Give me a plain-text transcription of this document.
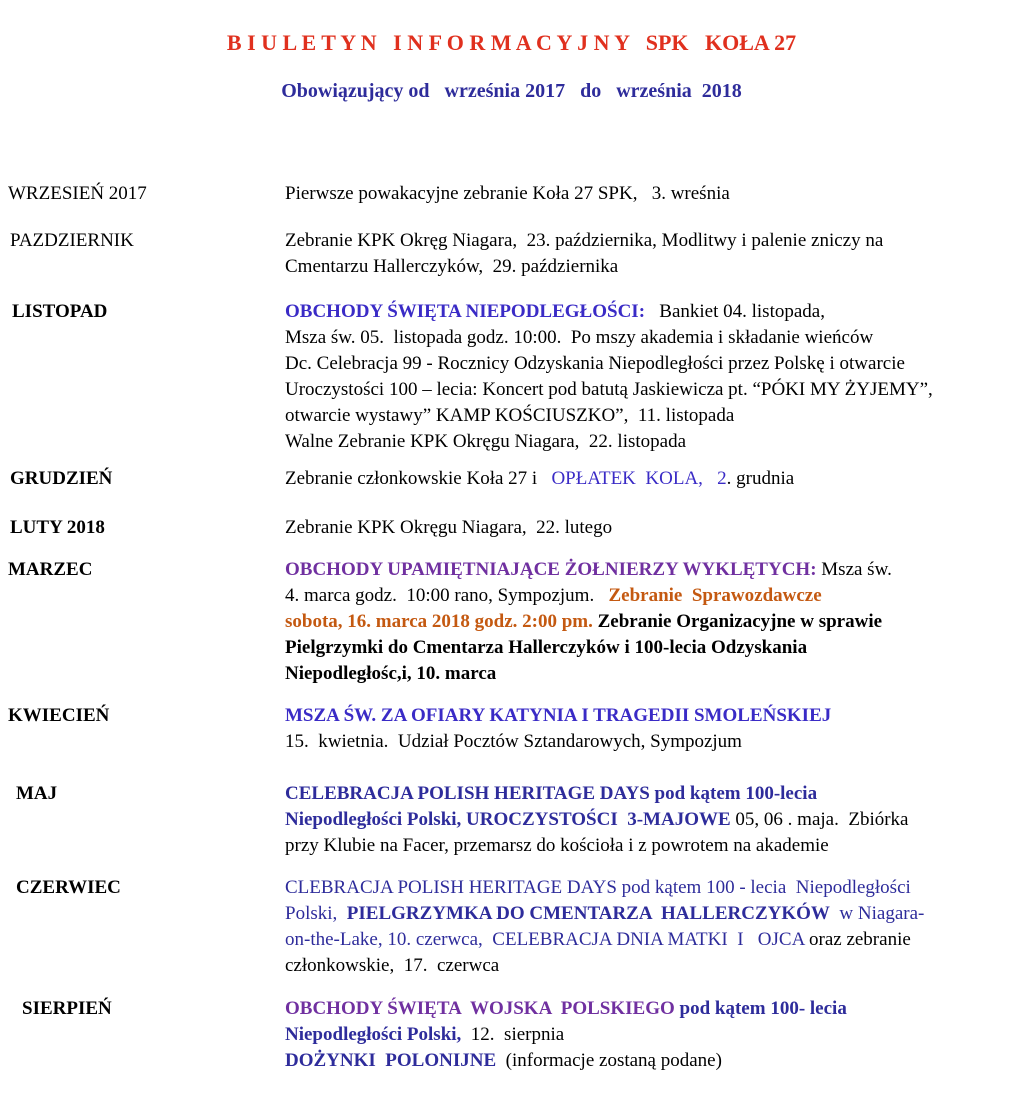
B I U L E T Y N   I N F O R M A C Y J N Y   SPK   KOŁA 27
Obowiązujący od   września 2017   do   września  2018
WRZESIEŃ 2017	Pierwsze powakacyjne zebranie Koła 27 SPK,   3. wreśnia
PAZDZIERNIK	Zebranie KPK Okręg Niagara,  23. października, Modlitwy i palenie zniczy na
Cmentarzu Hallerczyków,  29. października
LISTOPAD	OBCHODY ŚWIĘTA NIEPODLEGŁOŚCI:   Bankiet 04. listopada,
Msza św. 05.  listopada godz. 10:00.  Po mszy akademia i składanie wieńców
Dc. Celebracja 99 - Rocznicy Odzyskania Niepodległości przez Polskę i otwarcie
Uroczystości 100 – lecia: Koncert pod batutą Jaskiewicza pt. “PÓKI MY ŻYJEMY”,
otwarcie wystawy” KAMP KOŚCIUSZKO”,  11. listopada
Walne Zebranie KPK Okręgu Niagara,  22. listopada
GRUDZIEŃ	Zebranie członkowskie Koła 27 i   OPŁATEK  KOLA,   2. grudnia
LUTY 2018	Zebranie KPK Okręgu Niagara,  22. lutego
MARZEC	OBCHODY UPAMIĘTNIAJĄCE ŻOŁNIERZY WYKLĘTYCH: Msza św.
4. marca godz.  10:00 rano, Sympozjum.   Zebranie  Sprawozdawcze
sobota, 16. marca 2018 godz. 2:00 pm. Zebranie Organizacyjne w sprawie
Pielgrzymki do Cmentarza Hallerczyków i 100-lecia Odzyskania
Niepodległośc,i, 10. marca
KWIECIEŃ	MSZA ŚW. ZA OFIARY KATYNIA I TRAGEDII SMOLEŃSKIEJ
15.  kwietnia.  Udział Pocztów Sztandarowych, Sympozjum
MAJ	CELEBRACJA POLISH HERITAGE DAYS pod kątem 100-lecia
Niepodległości Polski, UROCZYSTOŚCI  3-MAJOWE 05, 06 . maja.  Zbiórka
przy Klubie na Facer, przemarsz do kościoła i z powrotem na akademie
CZERWIEC	CLEBRACJA POLISH HERITAGE DAYS pod kątem 100 - lecia  Niepodległości
Polski,  PIELGRZYMKA DO CMENTARZA  HALLERCZYKÓW  w Niagara-
on-the-Lake, 10. czerwca,  CELEBRACJA DNIA MATKI  I   OJCA oraz zebranie
członkowskie,  17.  czerwca
SIERPIEŃ	OBCHODY ŚWIĘTA  WOJSKA  POLSKIEGO pod kątem 100- lecia
Niepodległości Polski,  12.  sierpnia
DOŻYNKI  POLONIJNE  (informacje zostaną podane)
